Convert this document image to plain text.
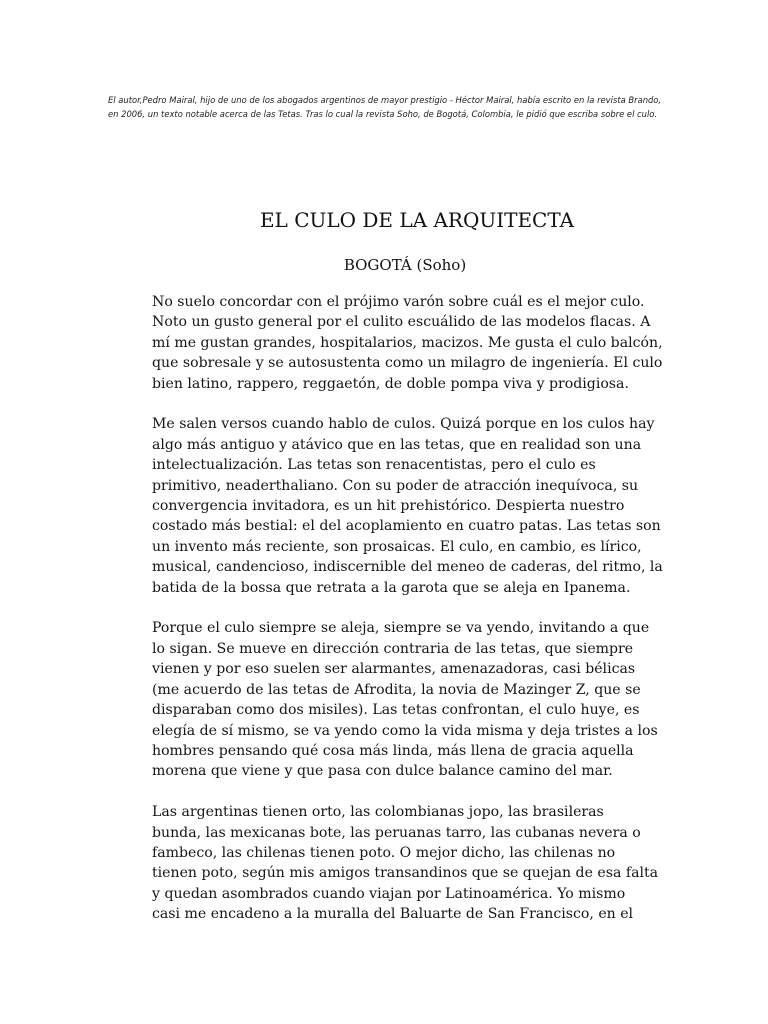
El autor,Pedro Mairal, hijo de uno de los abogados argentinos de mayor prestigio - Héctor Mairal, había escrito en la revista Brando, en 2006, un texto notable acerca de las Tetas. Tras lo cual la revista Soho, de Bogotá, Colombia, le pidió que escriba sobre el culo.

EL CULO DE LA ARQUITECTA

BOGOTÁ (Soho)

No suelo concordar con el prójimo varón sobre cuál es el mejor culo.
Noto un gusto general por el culito escuálido de las modelos flacas. A
mí me gustan grandes, hospitalarios, macizos. Me gusta el culo balcón,
que sobresale y se autosustenta como un milagro de ingeniería. El culo
bien latino, rappero, reggaetón, de doble pompa viva y prodigiosa.

Me salen versos cuando hablo de culos. Quizá porque en los culos hay
algo más antiguo y atávico que en las tetas, que en realidad son una
intelectualización. Las tetas son renacentistas, pero el culo es
primitivo, neaderthaliano. Con su poder de atracción inequívoca, su
convergencia invitadora, es un hit prehistórico. Despierta nuestro
costado más bestial: el del acoplamiento en cuatro patas. Las tetas son
un invento más reciente, son prosaicas. El culo, en cambio, es lírico,
musical, candencioso, indiscernible del meneo de caderas, del ritmo, la
batida de la bossa que retrata a la garota que se aleja en Ipanema.

Porque el culo siempre se aleja, siempre se va yendo, invitando a que
lo sigan. Se mueve en dirección contraria de las tetas, que siempre
vienen y por eso suelen ser alarmantes, amenazadoras, casi bélicas
(me acuerdo de las tetas de Afrodita, la novia de Mazinger Z, que se
disparaban como dos misiles). Las tetas confrontan, el culo huye, es
elegía de sí mismo, se va yendo como la vida misma y deja tristes a los
hombres pensando qué cosa más linda, más llena de gracia aquella
morena que viene y que pasa con dulce balance camino del mar.

Las argentinas tienen orto, las colombianas jopo, las brasileras
bunda, las mexicanas bote, las peruanas tarro, las cubanas nevera o
fambeco, las chilenas tienen poto. O mejor dicho, las chilenas no
tienen poto, según mis amigos transandinos que se quejan de esa falta
y quedan asombrados cuando viajan por Latinoamérica. Yo mismo
casi me encadeno a la muralla del Baluarte de San Francisco, en el
